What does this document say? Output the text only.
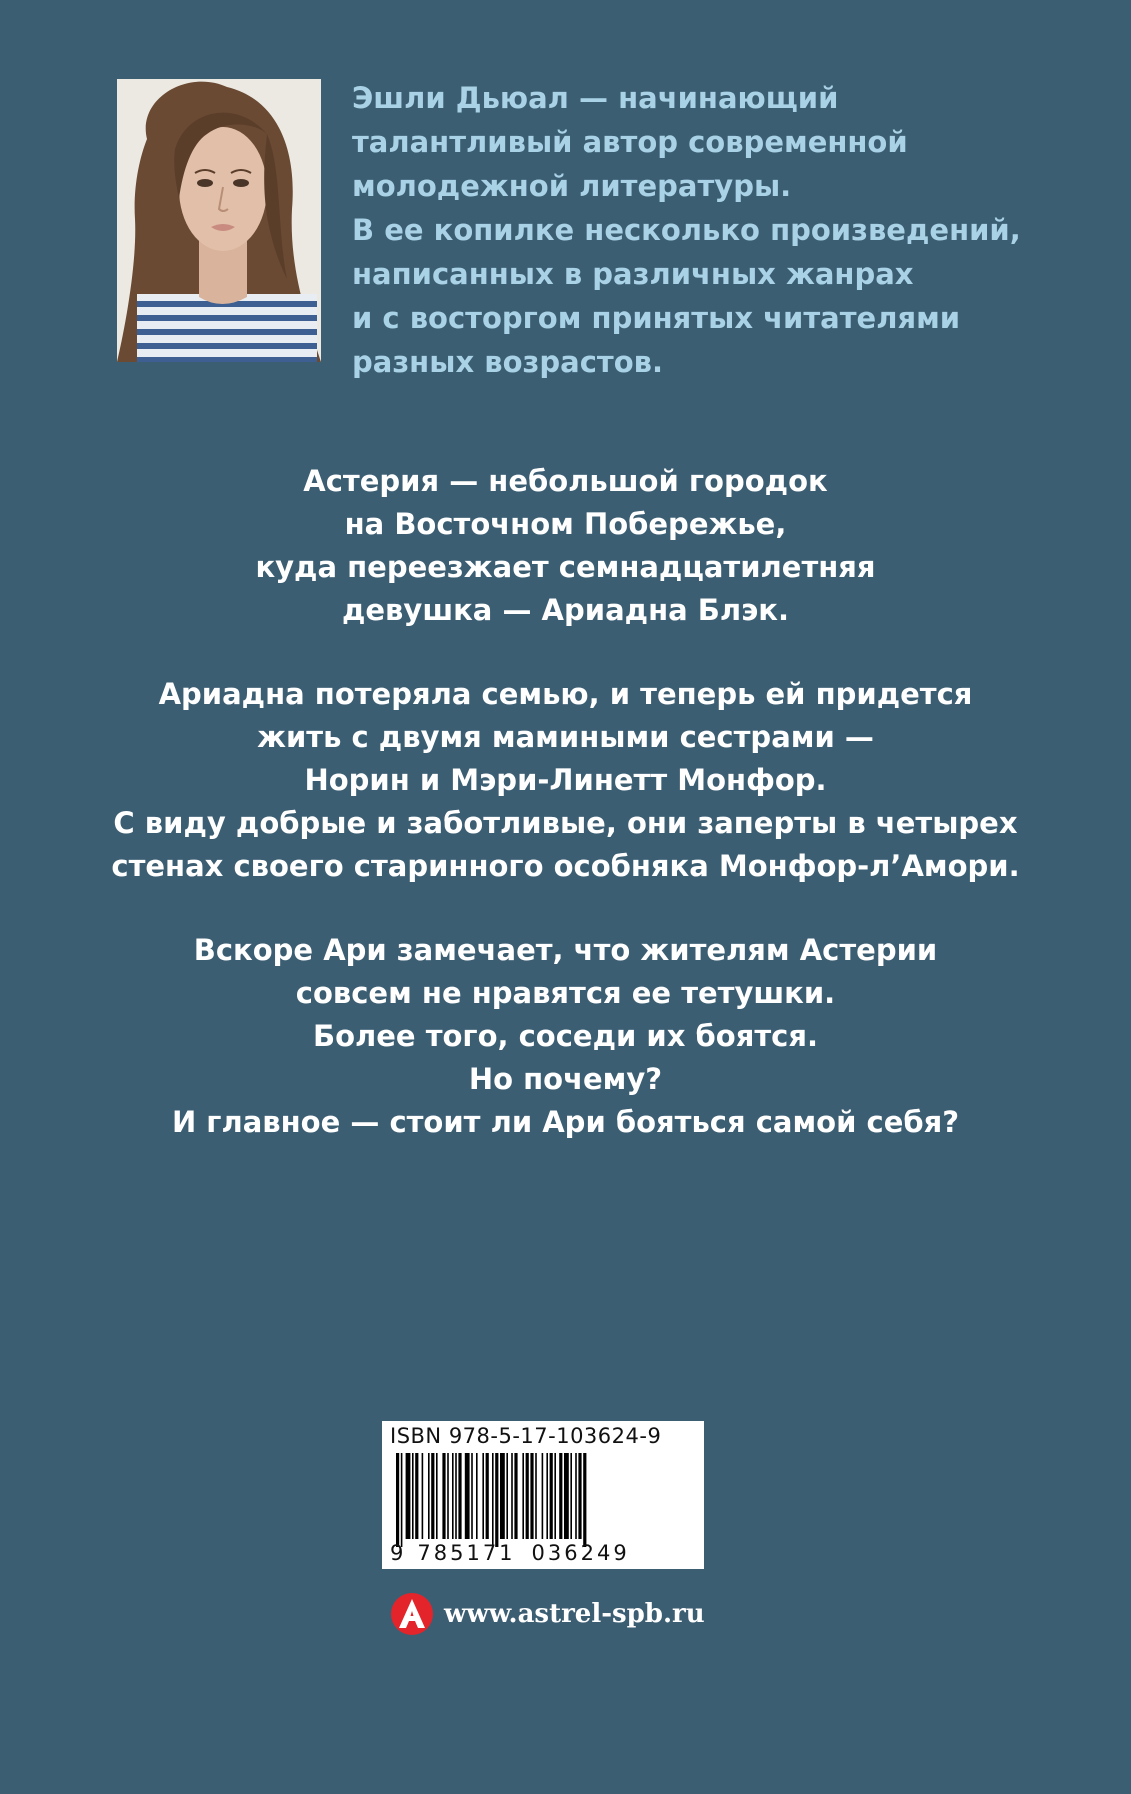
Эшли Дьюал — начинающий
талантливый автор современной
молодежной литературы.
В ее копилке несколько произведений,
написанных в различных жанрах
и с восторгом принятых читателями
разных возрастов.
Астерия — небольшой городок
на Восточном Побережье,
куда переезжает семнадцатилетняя
девушка — Ариадна Блэк.
Ариадна потеряла семью, и теперь ей придется
жить с двумя мамиными сестрами —
Норин и Мэри-Линетт Монфор.
С виду добрые и заботливые, они заперты в четырех
стенах своего старинного особняка Монфор-л’Амори.
Вскоре Ари замечает, что жителям Астерии
совсем не нравятся ее тетушки.
Более того, соседи их боятся.
Но почему?
И главное — стоит ли Ари бояться самой себя?
ISBN 978-5-17-103624-9
9 785171 036249
www.astrel-spb.ru
